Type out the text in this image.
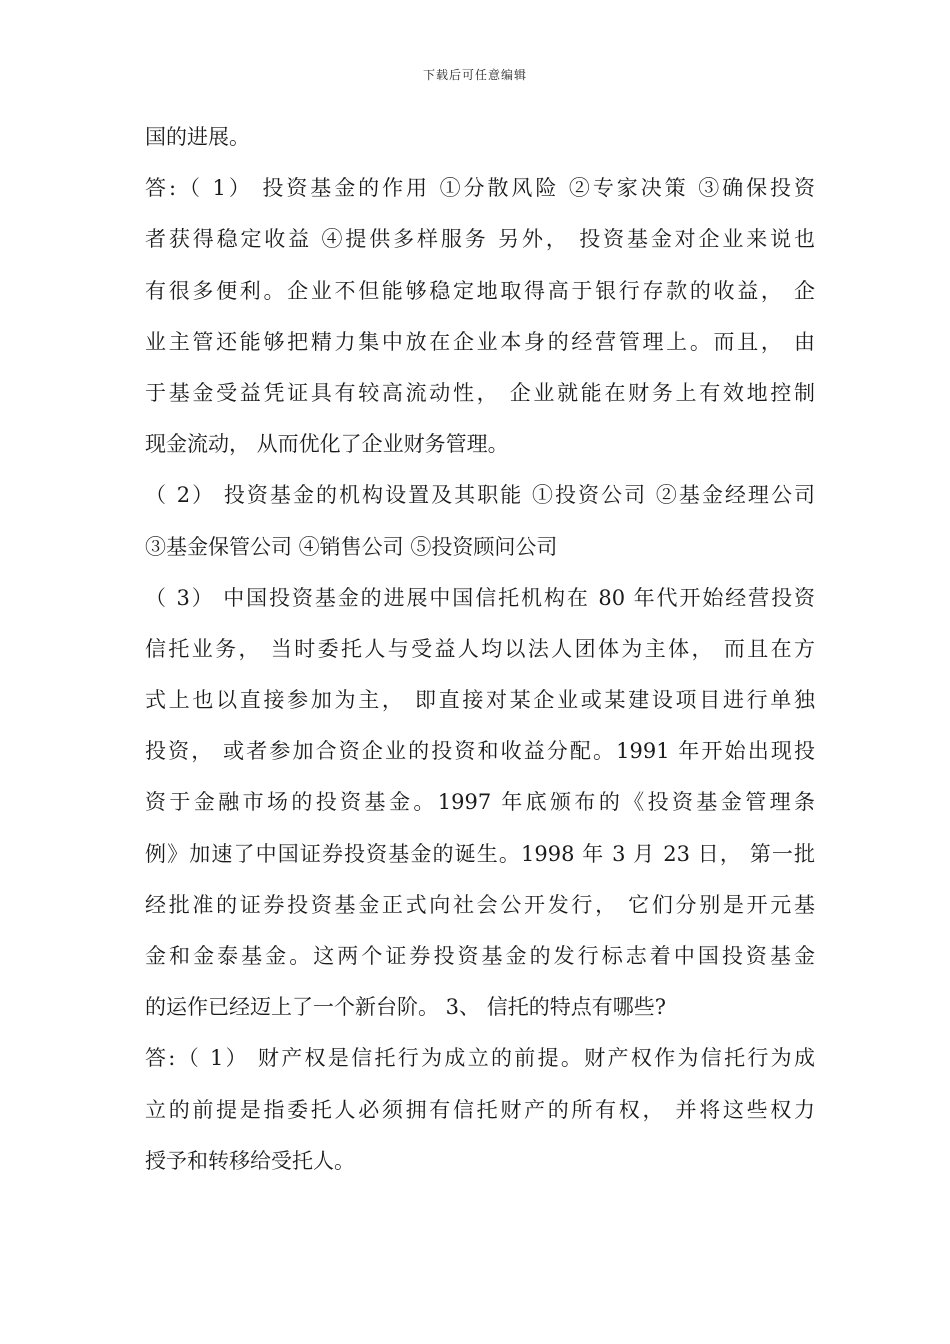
下载后可任意编辑
国的进展。
答:（ 1） 投资基金的作用 ①分散风险 ②专家决策 ③确保投资
者获得稳定收益 ④提供多样服务 另外， 投资基金对企业来说也
有很多便利。企业不但能够稳定地取得高于银行存款的收益， 企
业主管还能够把精力集中放在企业本身的经营管理上。而且， 由
于基金受益凭证具有较高流动性， 企业就能在财务上有效地控制
现金流动， 从而优化了企业财务管理。
（ 2） 投资基金的机构设置及其职能 ①投资公司 ②基金经理公司
③基金保管公司 ④销售公司 ⑤投资顾问公司
（ 3） 中国投资基金的进展中国信托机构在 80 年代开始经营投资
信托业务， 当时委托人与受益人均以法人团体为主体， 而且在方
式上也以直接参加为主， 即直接对某企业或某建设项目进行单独
投资， 或者参加合资企业的投资和收益分配。1991 年开始出现投
资于金融市场的投资基金。1997 年底颁布的《投资基金管理条
例》加速了中国证券投资基金的诞生。1998 年 3 月 23 日， 第一批
经批准的证券投资基金正式向社会公开发行， 它们分别是开元基
金和金泰基金。这两个证券投资基金的发行标志着中国投资基金
的运作已经迈上了一个新台阶。 3、 信托的特点有哪些?
答:（ 1） 财产权是信托行为成立的前提。财产权作为信托行为成
立的前提是指委托人必须拥有信托财产的所有权， 并将这些权力
授予和转移给受托人。
